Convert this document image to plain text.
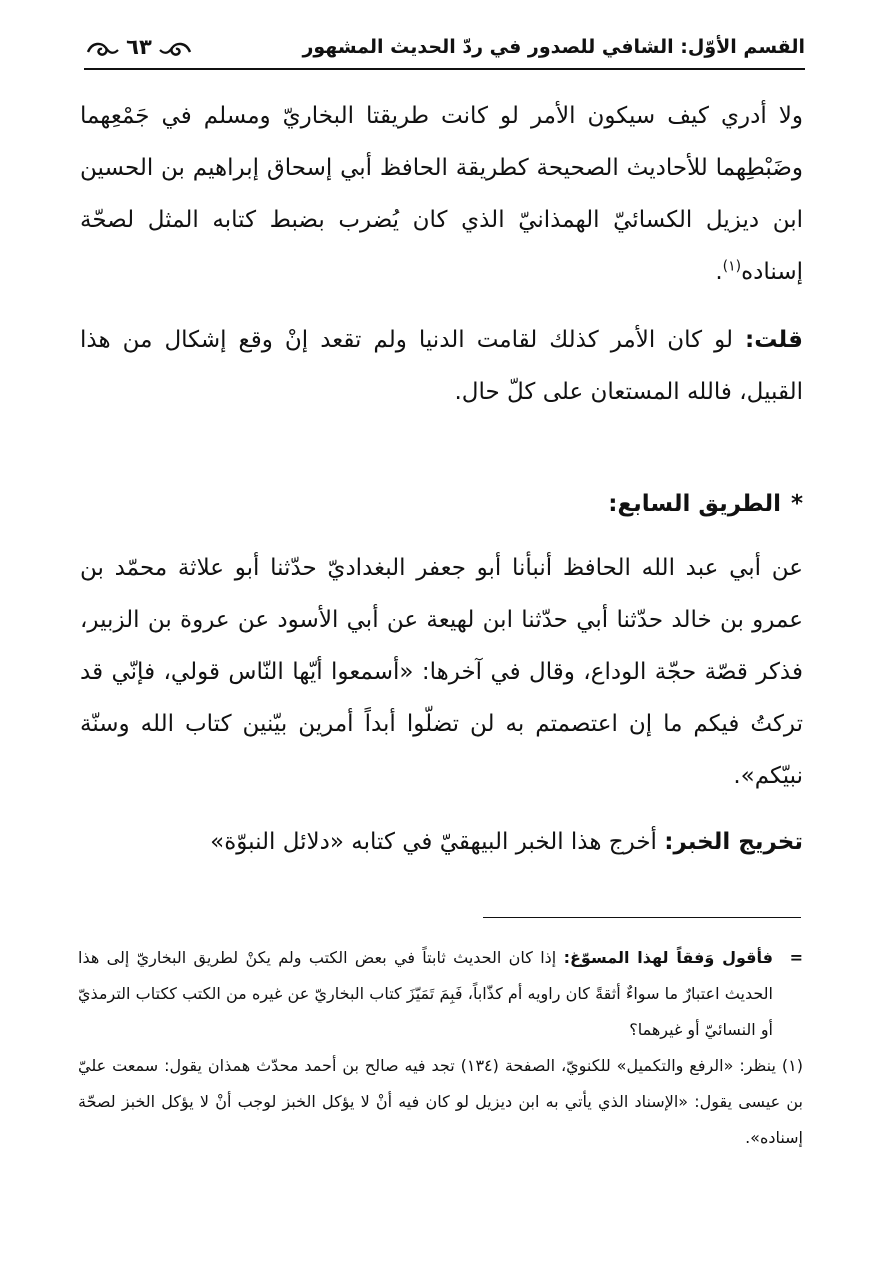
القسم الأوّل: الشافي للصدور في ردّ الحديث المشهور
٦٣

ولا أدري كيف سيكون الأمر لو كانت طريقتا البخاريّ ومسلم في جَمْعِهما وضَبْطِهما للأحاديث الصحيحة كطريقة الحافظ أبي إسحاق إبراهيم بن الحسين ابن ديزيل الكسائيّ الهمذانيّ الذي كان يُضرب بضبط كتابه المثل لصحّة إسناده$^{(١)}$.

قلت: لو كان الأمر كذلك لقامت الدنيا ولم تقعد إنْ وقع إشكال من هذا القبيل، فالله المستعان على كلّ حال.

*الطريق السابع:

عن أبي عبد الله الحافظ أنبأنا أبو جعفر البغداديّ حدّثنا أبو علاثة محمّد بن عمرو بن خالد حدّثنا أبي حدّثنا ابن لهيعة عن أبي الأسود عن عروة بن الزبير، فذكر قصّة حجّة الوداع، وقال في آخرها: «أسمعوا أيّها النّاس قولي، فإنّي قد تركتُ فيكم ما إن اعتصمتم به لن تضلّوا أبداً أمرين بيّنين كتاب الله وسنّة نبيّكم».

تخريج الخبر: أخرج هذا الخبر البيهقيّ في كتابه «دلائل النبوّة»

=
فأقول وَفقاً لهذا المسوّغ: إذا كان الحديث ثابتاً في بعض الكتب ولم يكنْ لطريق البخاريّ إلى هذا الحديث اعتبارٌ ما سواءٌ أثقةً كان راويه أم كذّاباً، فَبِمَ تَمَيّزَ كتاب البخاريّ عن غيره من الكتب ككتاب الترمذيّ أو النسائيّ أو غيرهما؟

(١) ينظر: «الرفع والتكميل» للكنويّ، الصفحة (١٣٤) تجد فيه صالح بن أحمد محدّث همذان يقول: سمعت عليّ بن عيسى يقول: «الإسناد الذي يأتي به ابن ديزيل لو كان فيه أنْ لا يؤكل الخبز لوجب أنْ لا يؤكل الخبز لصحّة إسناده».
